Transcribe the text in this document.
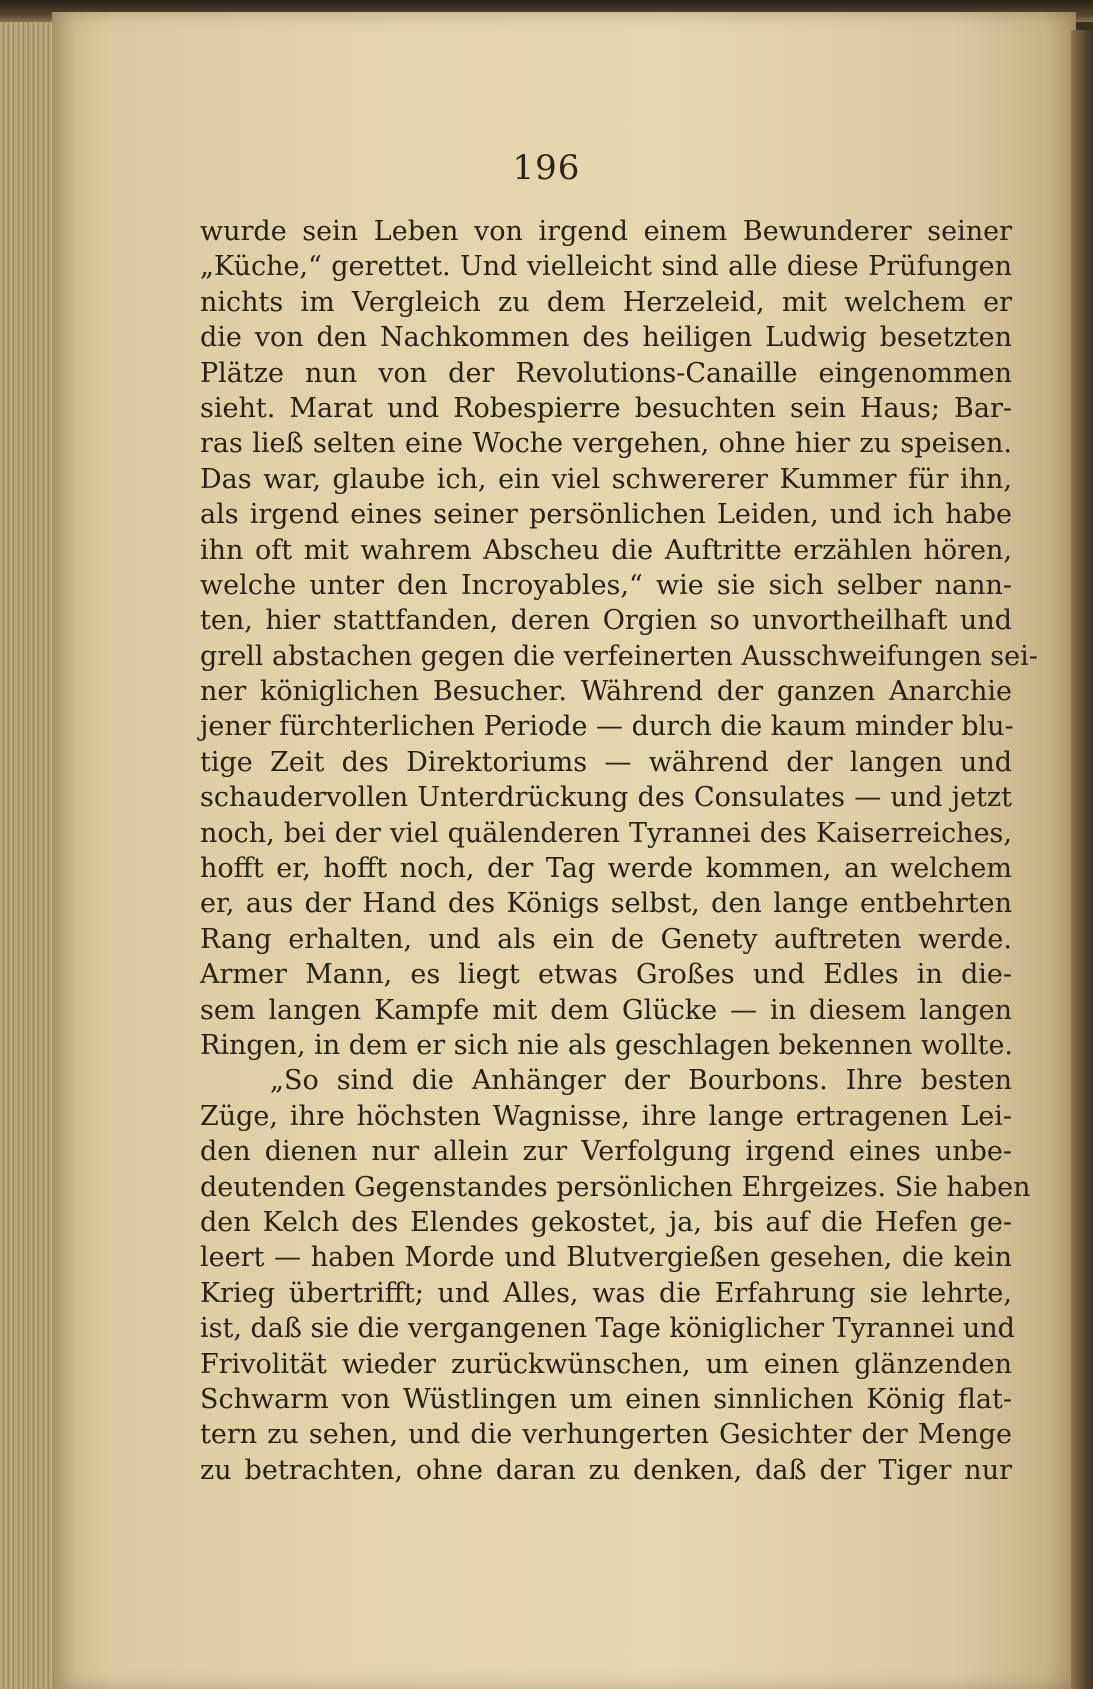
196
wurde sein Leben von irgend einem Bewunderer seiner
„Küche,“ gerettet. Und vielleicht sind alle diese Prüfungen
nichts im Vergleich zu dem Herzeleid, mit welchem er
die von den Nachkommen des heiligen Ludwig besetzten
Plätze nun von der Revolutions-Canaille eingenommen
sieht. Marat und Robespierre besuchten sein Haus; Bar-
ras ließ selten eine Woche vergehen, ohne hier zu speisen.
Das war, glaube ich, ein viel schwererer Kummer für ihn,
als irgend eines seiner persönlichen Leiden, und ich habe
ihn oft mit wahrem Abscheu die Auftritte erzählen hören,
welche unter den Incroyables,“ wie sie sich selber nann-
ten, hier stattfanden, deren Orgien so unvortheilhaft und
grell abstachen gegen die verfeinerten Ausschweifungen sei-
ner königlichen Besucher. Während der ganzen Anarchie
jener fürchterlichen Periode — durch die kaum minder blu-
tige Zeit des Direktoriums — während der langen und
schaudervollen Unterdrückung des Consulates — und jetzt
noch, bei der viel quälenderen Tyrannei des Kaiserreiches,
hofft er, hofft noch, der Tag werde kommen, an welchem
er, aus der Hand des Königs selbst, den lange entbehrten
Rang erhalten, und als ein de Genety auftreten werde.
Armer Mann, es liegt etwas Großes und Edles in die-
sem langen Kampfe mit dem Glücke — in diesem langen
Ringen, in dem er sich nie als geschlagen bekennen wollte.
„So sind die Anhänger der Bourbons. Ihre besten
Züge, ihre höchsten Wagnisse, ihre lange ertragenen Lei-
den dienen nur allein zur Verfolgung irgend eines unbe-
deutenden Gegenstandes persönlichen Ehrgeizes. Sie haben
den Kelch des Elendes gekostet, ja, bis auf die Hefen ge-
leert — haben Morde und Blutvergießen gesehen, die kein
Krieg übertrifft; und Alles, was die Erfahrung sie lehrte,
ist, daß sie die vergangenen Tage königlicher Tyrannei und
Frivolität wieder zurückwünschen, um einen glänzenden
Schwarm von Wüstlingen um einen sinnlichen König flat-
tern zu sehen, und die verhungerten Gesichter der Menge
zu betrachten, ohne daran zu denken, daß der Tiger nur
